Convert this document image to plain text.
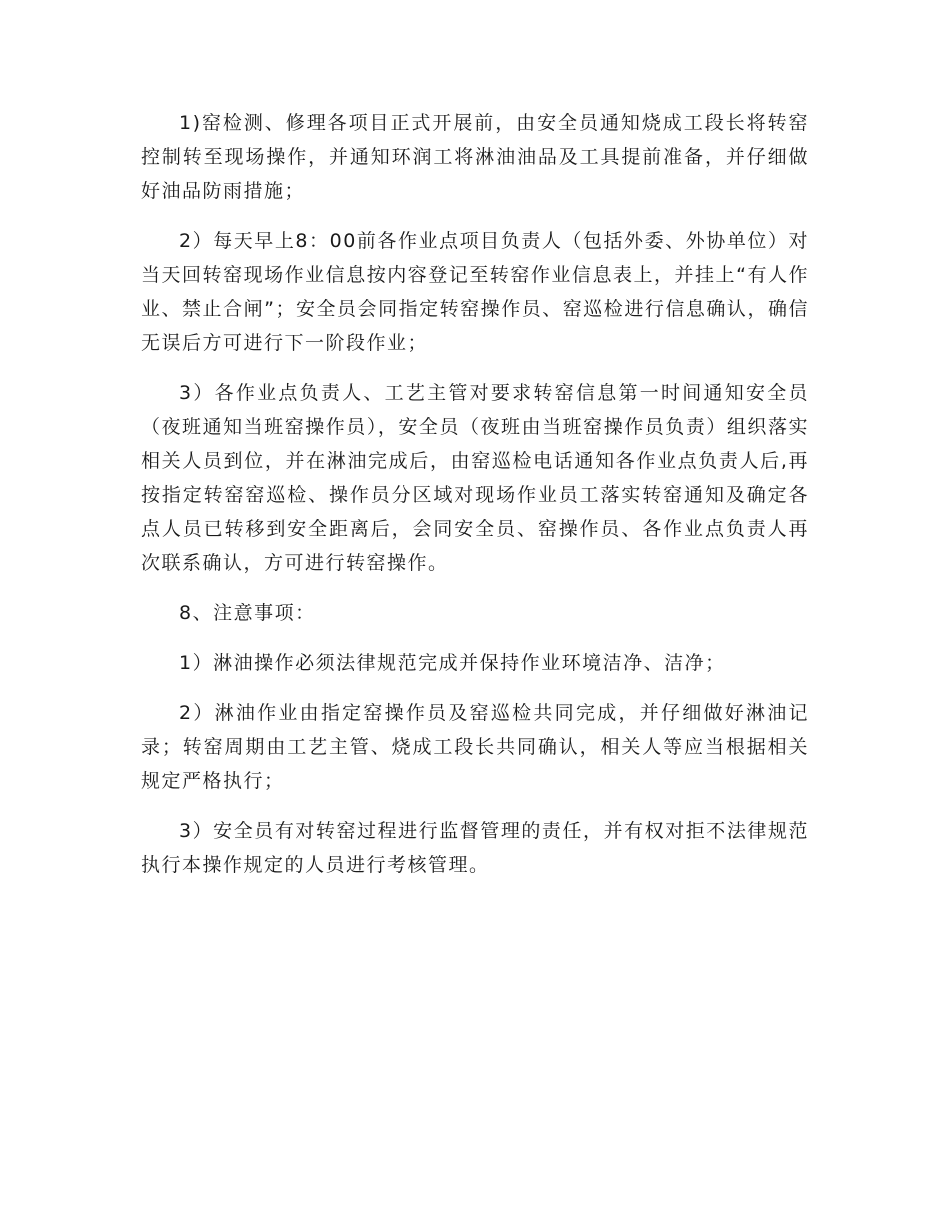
1)窑检测、修理各项目正式开展前，由安全员通知烧成工段长将转窑控制转至现场操作，并通知环润工将淋油油品及工具提前准备，并仔细做好油品防雨措施；

2）每天早上8：00前各作业点项目负责人（包括外委、外协单位）对当天回转窑现场作业信息按内容登记至转窑作业信息表上，并挂上“有人作业、禁止合闸”；安全员会同指定转窑操作员、窑巡检进行信息确认，确信无误后方可进行下一阶段作业；

3）各作业点负责人、工艺主管对要求转窑信息第一时间通知安全员（夜班通知当班窑操作员），安全员（夜班由当班窑操作员负责）组织落实相关人员到位，并在淋油完成后，由窑巡检电话通知各作业点负责人后,再按指定转窑窑巡检、操作员分区域对现场作业员工落实转窑通知及确定各点人员已转移到安全距离后，会同安全员、窑操作员、各作业点负责人再次联系确认，方可进行转窑操作。

8、注意事项：

1）淋油操作必须法律规范完成并保持作业环境洁净、洁净；

2）淋油作业由指定窑操作员及窑巡检共同完成，并仔细做好淋油记录；转窑周期由工艺主管、烧成工段长共同确认，相关人等应当根据相关规定严格执行；

3）安全员有对转窑过程进行监督管理的责任，并有权对拒不法律规范执行本操作规定的人员进行考核管理。
